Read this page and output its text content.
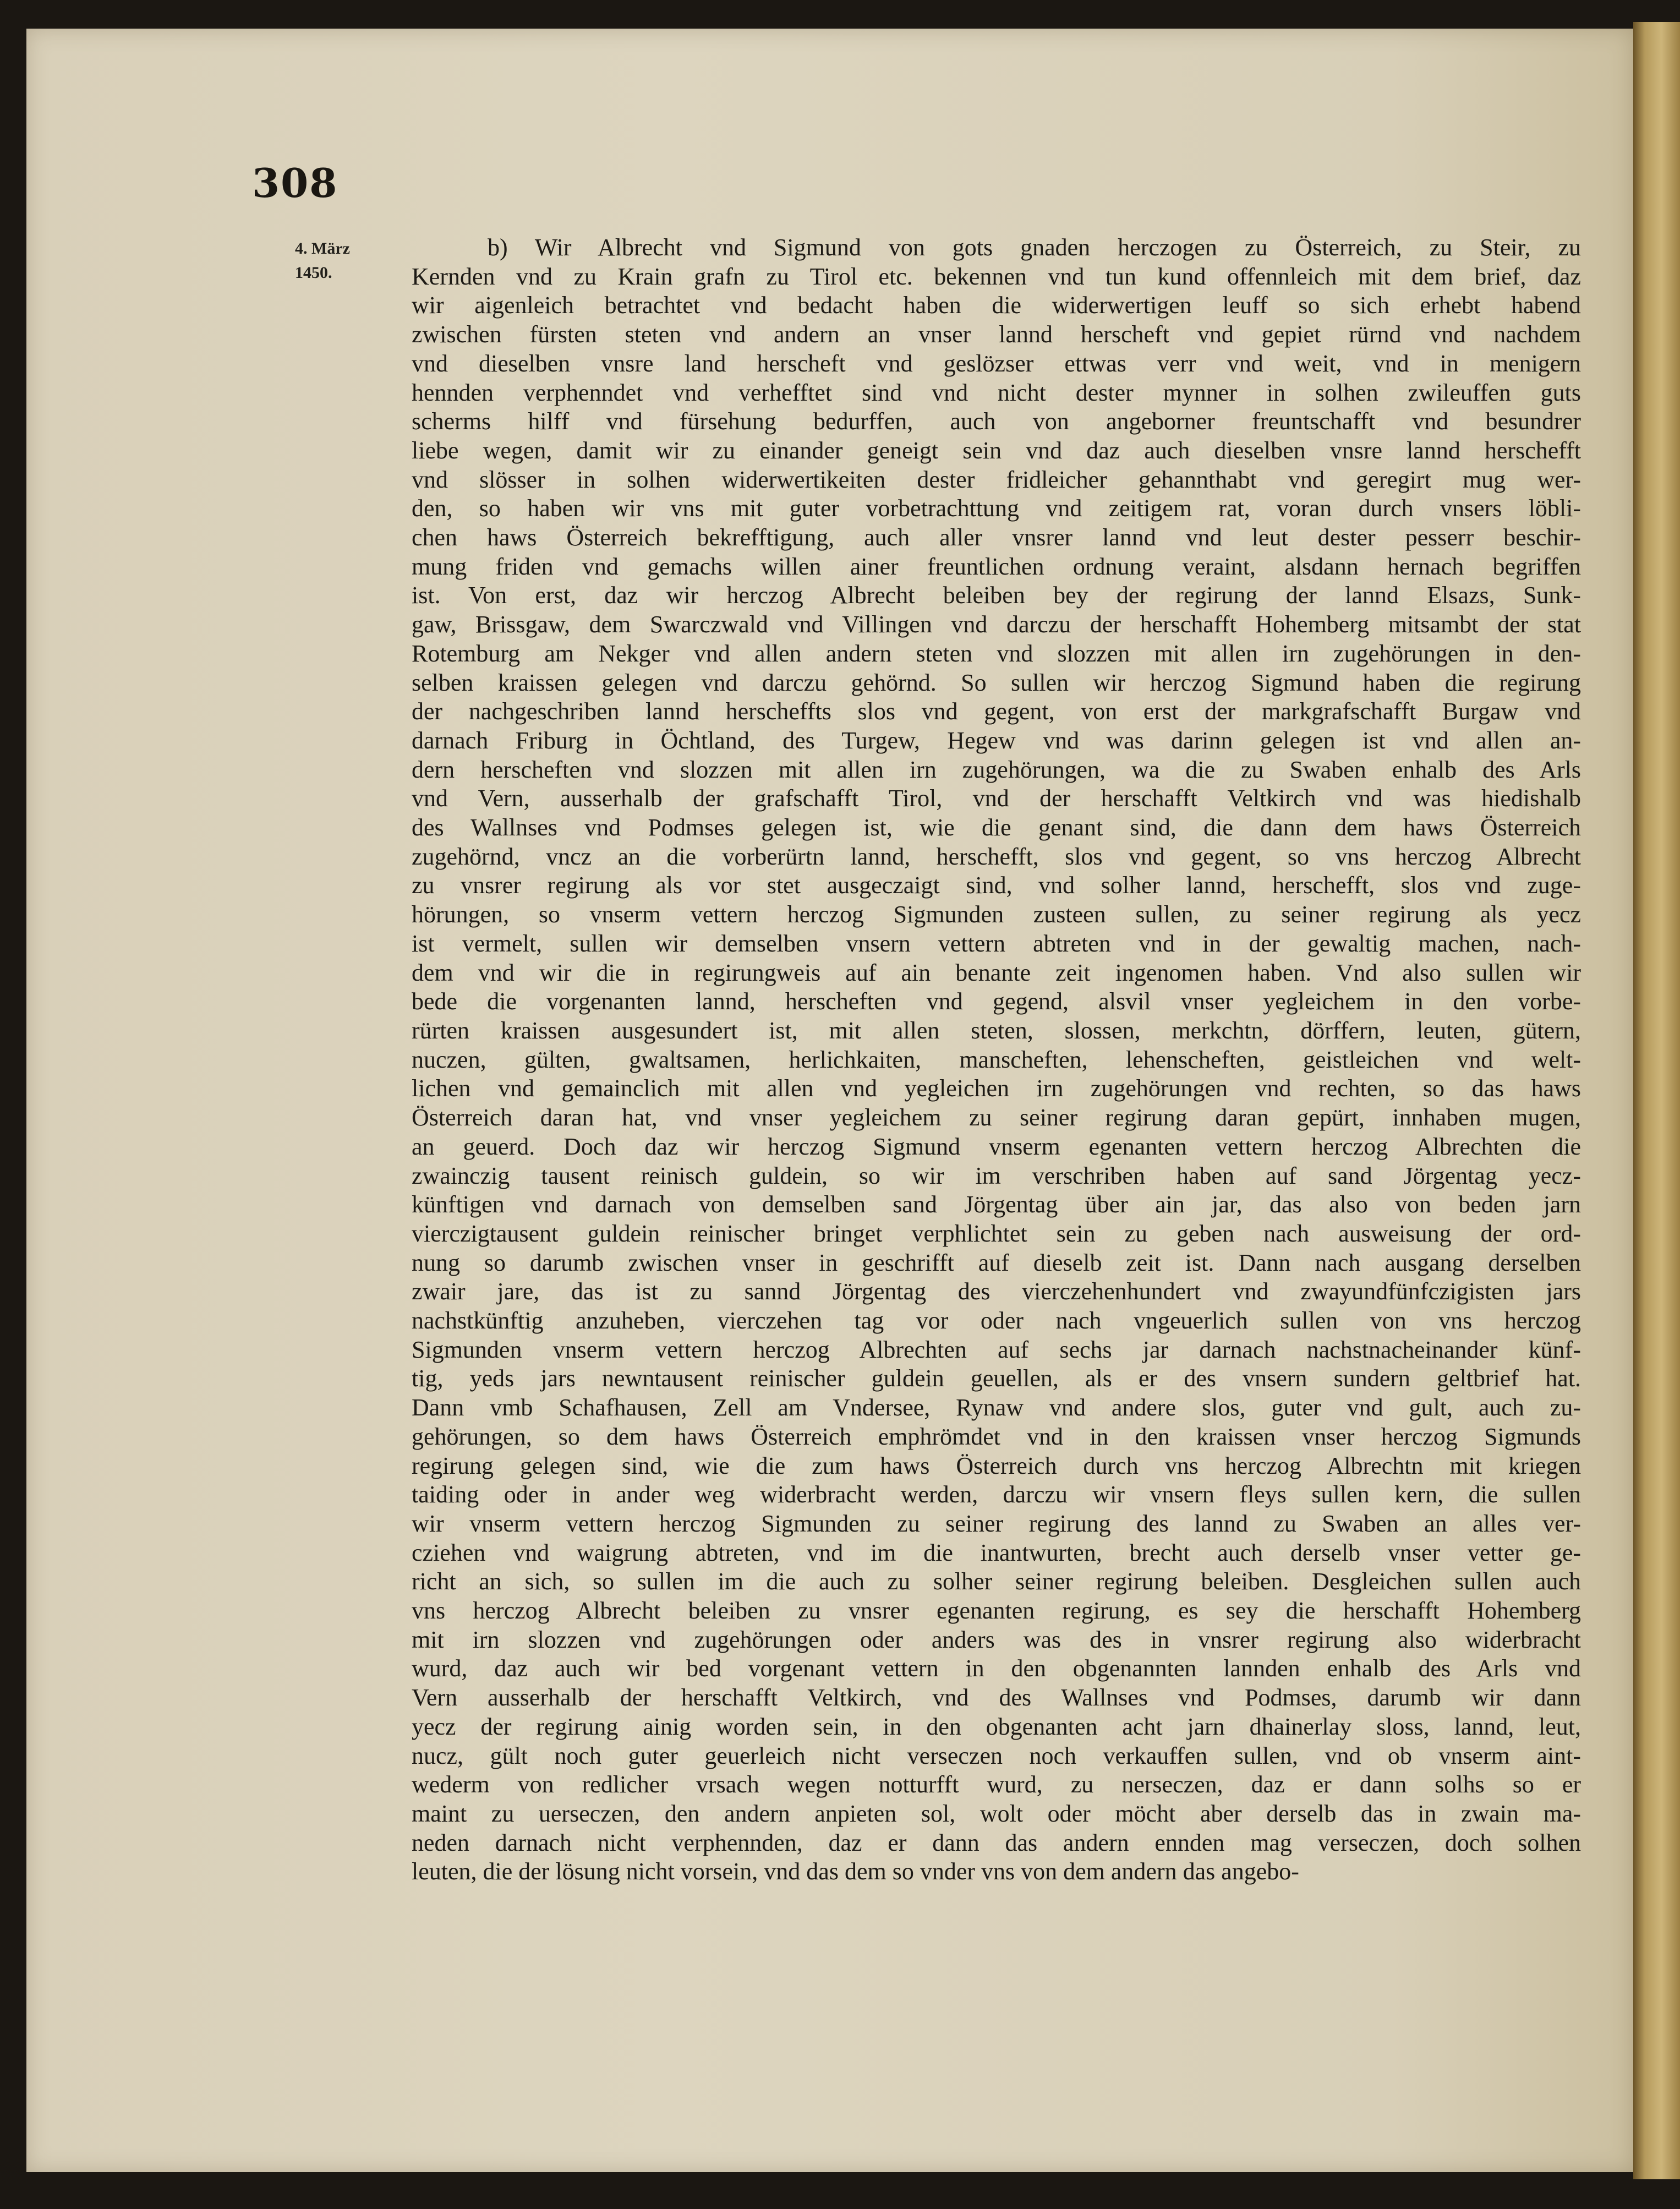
308
4. März
1450.
b) Wir Albrecht vnd Sigmund von gots gnaden herczogen zu Österreich, zu Steir, zu
Kernden vnd zu Krain grafn zu Tirol etc. bekennen vnd tun kund offennleich mit dem brief, daz
wir aigenleich betrachtet vnd bedacht haben die widerwertigen leuff so sich erhebt habend
zwischen fürsten steten vnd andern an vnser lannd herscheft vnd gepiet rürnd vnd nachdem
vnd dieselben vnsre land herscheft vnd geslözser ettwas verr vnd weit, vnd in menigern
hennden verphenndet vnd verhefftet sind vnd nicht dester mynner in solhen zwileuffen guts
scherms hilff vnd fürsehung bedurffen, auch von angeborner freuntschafft vnd besundrer
liebe wegen, damit wir zu einander geneigt sein vnd daz auch dieselben vnsre lannd herschefft
vnd slösser in solhen widerwertikeiten dester fridleicher gehannthabt vnd geregirt mug wer-
den, so haben wir vns mit guter vorbetrachttung vnd zeitigem rat, voran durch vnsers löbli-
chen haws Österreich bekrefftigung, auch aller vnsrer lannd vnd leut dester pesserr beschir-
mung friden vnd gemachs willen ainer freuntlichen ordnung veraint, alsdann hernach begriffen
ist. Von erst, daz wir herczog Albrecht beleiben bey der regirung der lannd Elsazs, Sunk-
gaw, Brissgaw, dem Swarczwald vnd Villingen vnd darczu der herschafft Hohemberg mitsambt der stat
Rotemburg am Nekger vnd allen andern steten vnd slozzen mit allen irn zugehörungen in den-
selben kraissen gelegen vnd darczu gehörnd. So sullen wir herczog Sigmund haben die regirung
der nachgeschriben lannd herscheffts slos vnd gegent, von erst der markgrafschafft Burgaw vnd
darnach Friburg in Öchtland, des Turgew, Hegew vnd was darinn gelegen ist vnd allen an-
dern herscheften vnd slozzen mit allen irn zugehörungen, wa die zu Swaben enhalb des Arls
vnd Vern, ausserhalb der grafschafft Tirol, vnd der herschafft Veltkirch vnd was hiedishalb
des Wallnses vnd Podmses gelegen ist, wie die genant sind, die dann dem haws Österreich
zugehörnd, vncz an die vorberürtn lannd, herschefft, slos vnd gegent, so vns herczog Albrecht
zu vnsrer regirung als vor stet ausgeczaigt sind, vnd solher lannd, herschefft, slos vnd zuge-
hörungen, so vnserm vettern herczog Sigmunden zusteen sullen, zu seiner regirung als yecz
ist vermelt, sullen wir demselben vnsern vettern abtreten vnd in der gewaltig machen, nach-
dem vnd wir die in regirungweis auf ain benante zeit ingenomen haben. Vnd also sullen wir
bede die vorgenanten lannd, herscheften vnd gegend, alsvil vnser yegleichem in den vorbe-
rürten kraissen ausgesundert ist, mit allen steten, slossen, merkchtn, dörffern, leuten, gütern,
nuczen, gülten, gwaltsamen, herlichkaiten, manscheften, lehenscheften, geistleichen vnd welt-
lichen vnd gemainclich mit allen vnd yegleichen irn zugehörungen vnd rechten, so das haws
Österreich daran hat, vnd vnser yegleichem zu seiner regirung daran gepürt, innhaben mugen,
an geuerd. Doch daz wir herczog Sigmund vnserm egenanten vettern herczog Albrechten die
zwainczig tausent reinisch guldein, so wir im verschriben haben auf sand Jörgentag yecz-
künftigen vnd darnach von demselben sand Jörgentag über ain jar, das also von beden jarn
vierczigtausent guldein reinischer bringet verphlichtet sein zu geben nach ausweisung der ord-
nung so darumb zwischen vnser in geschrifft auf dieselb zeit ist. Dann nach ausgang derselben
zwair jare, das ist zu sannd Jörgentag des vierczehenhundert vnd zwayundfünfczigisten jars
nachstkünftig anzuheben, vierczehen tag vor oder nach vngeuerlich sullen von vns herczog
Sigmunden vnserm vettern herczog Albrechten auf sechs jar darnach nachstnacheinander künf-
tig, yeds jars newntausent reinischer guldein geuellen, als er des vnsern sundern geltbrief hat.
Dann vmb Schafhausen, Zell am Vndersee, Rynaw vnd andere slos, guter vnd gult, auch zu-
gehörungen, so dem haws Österreich emphrömdet vnd in den kraissen vnser herczog Sigmunds
regirung gelegen sind, wie die zum haws Österreich durch vns herczog Albrechtn mit kriegen
taiding oder in ander weg widerbracht werden, darczu wir vnsern fleys sullen kern, die sullen
wir vnserm vettern herczog Sigmunden zu seiner regirung des lannd zu Swaben an alles ver-
cziehen vnd waigrung abtreten, vnd im die inantwurten, brecht auch derselb vnser vetter ge-
richt an sich, so sullen im die auch zu solher seiner regirung beleiben. Desgleichen sullen auch
vns herczog Albrecht beleiben zu vnsrer egenanten regirung, es sey die herschafft Hohemberg
mit irn slozzen vnd zugehörungen oder anders was des in vnsrer regirung also widerbracht
wurd, daz auch wir bed vorgenant vettern in den obgenannten lannden enhalb des Arls vnd
Vern ausserhalb der herschafft Veltkirch, vnd des Wallnses vnd Podmses, darumb wir dann
yecz der regirung ainig worden sein, in den obgenanten acht jarn dhainerlay sloss, lannd, leut,
nucz, gült noch guter geuerleich nicht verseczen noch verkauffen sullen, vnd ob vnserm aint-
wederm von redlicher vrsach wegen notturfft wurd, zu nerseczen, daz er dann solhs so er
maint zu uerseczen, den andern anpieten sol, wolt oder möcht aber derselb das in zwain ma-
neden darnach nicht verphennden, daz er dann das andern ennden mag verseczen, doch solhen
leuten, die der lösung nicht vorsein, vnd das dem so vnder vns von dem andern das angebo-
